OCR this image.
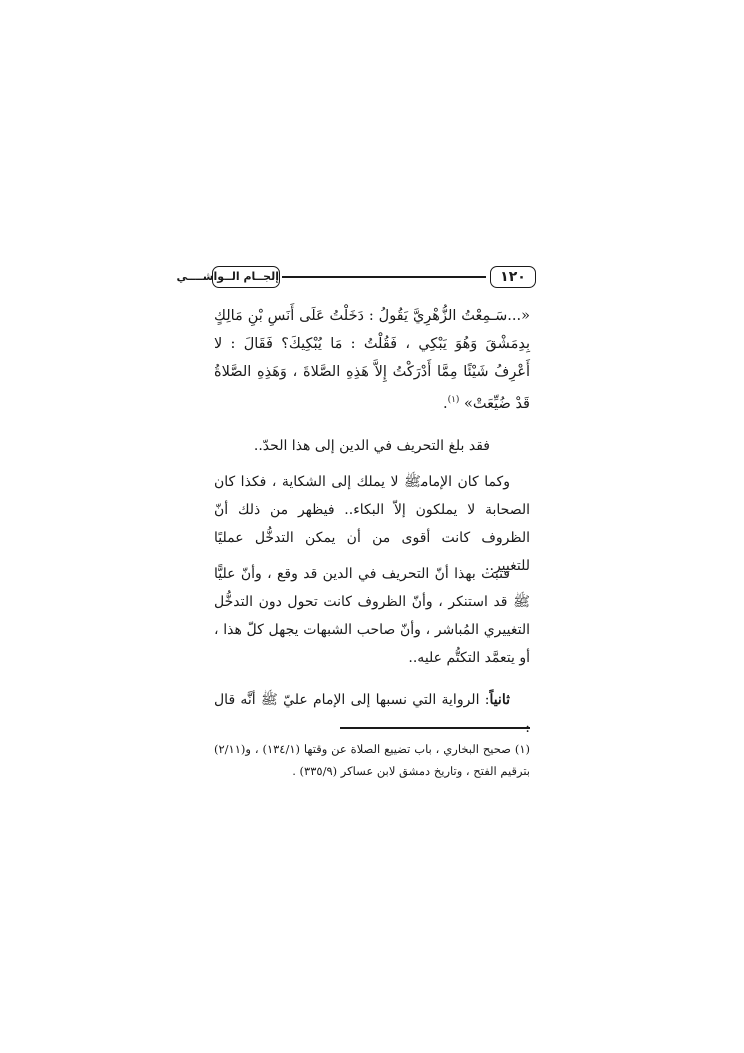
١٢٠
إلجــام الــواشــــي
«...سَـمِعْتُ الزُّهْرِيَّ يَقُولُ : دَخَلْتُ عَلَى أَنَسِ بْنِ مَالِكٍ بِدِمَشْقَ وَهُوَ يَبْكِي ، فَقُلْتُ : مَا يُبْكِيكَ؟ فَقَالَ : لا أَعْرِفُ شَيْئًا مِمَّا أَدْرَكْتُ إِلاَّ هَذِهِ الصَّلاةَ ، وَهَذِهِ الصَّلاةُ قَدْ ضُيِّعَتْ» $^{(١)}$.

فقد بلغ التحريف في الدين إلى هذا الحدّ..

وكما كان الإمام‍ﷺ لا يملك إلى الشكاية ، فكذا كان الصحابة لا يملكون إلاّ البكاء.. فيظهر من ذلك أنّ الظروف كانت أقوى من أن يمكن التدخُّل عمليًا للتغيير..

فثبت بهذا أنّ التحريف في الدين قد وقع ، وأنّ عليًّا ﷺ قد استنكر ، وأنّ الظروف كانت تحول دون التدخُّل التغييري المُباشر ، وأنّ صاحب الشبهات يجهل كلّ هذا ، أو يتعمَّد التكتُّم عليه..

ثانياً: الرواية التي نسبها إلى الإمام عليّ ﷺ أنَّه قال

(١) صحيح البخاري ، باب تضييع الصلاة عن وقتها (١٣٤/١) ، و(٢/١١) بترقيم الفتح ، وتاريخ دمشق لابن عساكر (٣٣٥/٩) .
